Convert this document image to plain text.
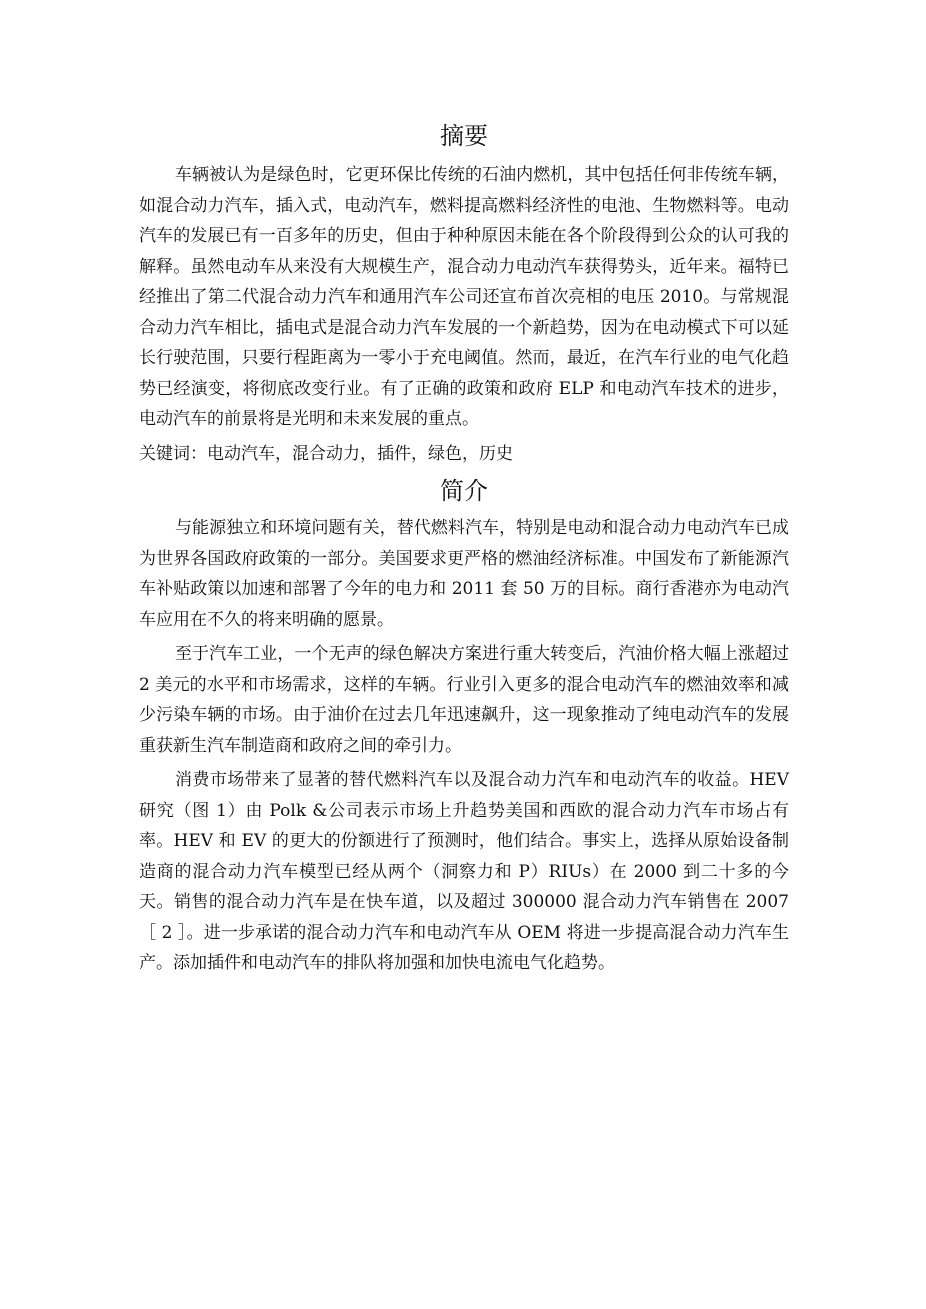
摘要

车辆被认为是绿色时，它更环保比传统的石油内燃机，其中包括任何非传统车辆，如混合动力汽车，插入式，电动汽车，燃料提高燃料经济性的电池、生物燃料等。电动汽车的发展已有一百多年的历史，但由于种种原因未能在各个阶段得到公众的认可我的解释。虽然电动车从来没有大规模生产，混合动力电动汽车获得势头，近年来。福特已经推出了第二代混合动力汽车和通用汽车公司还宣布首次亮相的电压 2010。与常规混合动力汽车相比，插电式是混合动力汽车发展的一个新趋势，因为在电动模式下可以延长行驶范围，只要行程距离为一零小于充电阈值。然而，最近，在汽车行业的电气化趋势已经演变，将彻底改变行业。有了正确的政策和政府 ELP 和电动汽车技术的进步，电动汽车的前景将是光明和未来发展的重点。

关键词：电动汽车，混合动力，插件，绿色，历史

简介

与能源独立和环境问题有关，替代燃料汽车，特别是电动和混合动力电动汽车已成为世界各国政府政策的一部分。美国要求更严格的燃油经济标准。中国发布了新能源汽车补贴政策以加速和部署了今年的电力和 2011 套 50 万的目标。商行香港亦为电动汽车应用在不久的将来明确的愿景。

至于汽车工业，一个无声的绿色解决方案进行重大转变后，汽油价格大幅上涨超过 2 美元的水平和市场需求，这样的车辆。行业引入更多的混合电动汽车的燃油效率和减少污染车辆的市场。由于油价在过去几年迅速飙升，这一现象推动了纯电动汽车的发展重获新生汽车制造商和政府之间的牵引力。

消费市场带来了显著的替代燃料汽车以及混合动力汽车和电动汽车的收益。HEV 研究（图 1）由 Polk &公司表示市场上升趋势美国和西欧的混合动力汽车市场占有率。HEV 和 EV 的更大的份额进行了预测时，他们结合。事实上，选择从原始设备制造商的混合动力汽车模型已经从两个（洞察力和 P）RIUs）在 2000 到二十多的今天。销售的混合动力汽车是在快车道，以及超过 300000 混合动力汽车销售在 2007 ［ 2 ］。进一步承诺的混合动力汽车和电动汽车从 OEM 将进一步提高混合动力汽车生产。添加插件和电动汽车的排队将加强和加快电流电气化趋势。
